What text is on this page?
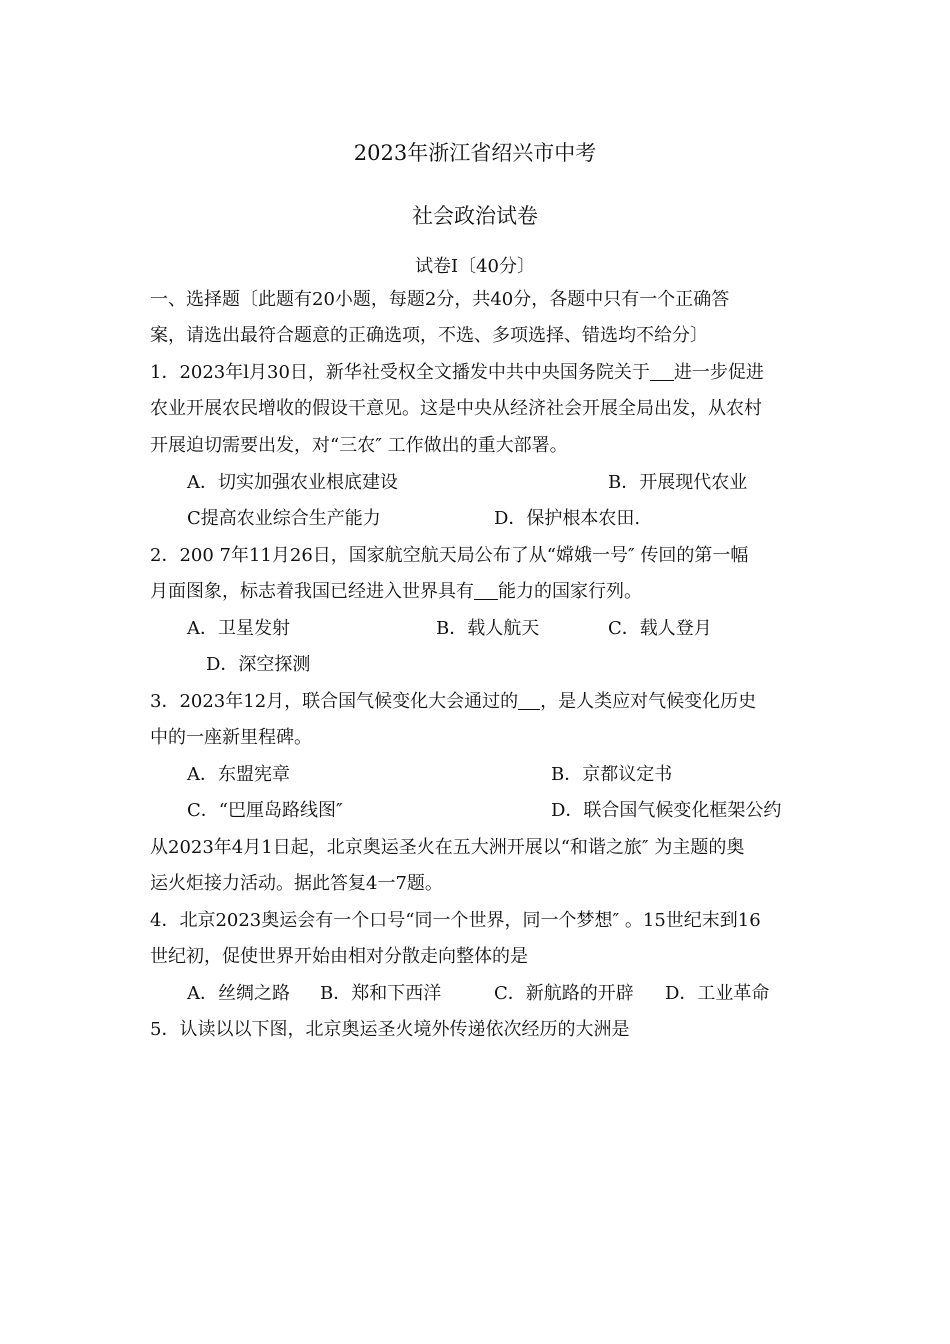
2023年浙江省绍兴市中考
社会政治试卷
试卷Ⅰ〔40分〕
一、选择题〔此题有20小题，每题2分，共40分，各题中只有一个正确答
案，请选出最符合题意的正确选项，不选、多项选择、错选均不给分〕
1．2023年l月30日，新华社受权全文播发中共中央国务院关于 进一步促进
农业开展农民增收的假设干意见。这是中央从经济社会开展全局出发，从农村
开展迫切需要出发，对“三农″ 工作做出的重大部署。
A．切实加强农业根底建设	B．开展现代农业
C提高农业综合生产能力	D．保护根本农田.
2．200 7年11月26日，国家航空航天局公布了从“嫦娥一号″ 传回的第一幅
月面图象，标志着我国已经进入世界具有 能力的国家行列。
A．卫星发射	B．载人航天	C．载人登月
D．深空探测
3．2023年12月，联合国气候变化大会通过的 ，是人类应对气候变化历史
中的一座新里程碑。
A．东盟宪章	B．京都议定书
C．“巴厘岛路线图″	D．联合国气候变化框架公约
从2023年4月1日起，北京奥运圣火在五大洲开展以“和谐之旅″ 为主题的奥
运火炬接力活动。据此答复4一7题。
4．北京2023奥运会有一个口号“同一个世界，同一个梦想″ 。15世纪末到16
世纪初，促使世界开始由相对分散走向整体的是
A．丝绸之路 B．郑和下西洋	C．新航路的开辟 D．工业革命
5．认读以以下图，北京奥运圣火境外传递依次经历的大洲是
